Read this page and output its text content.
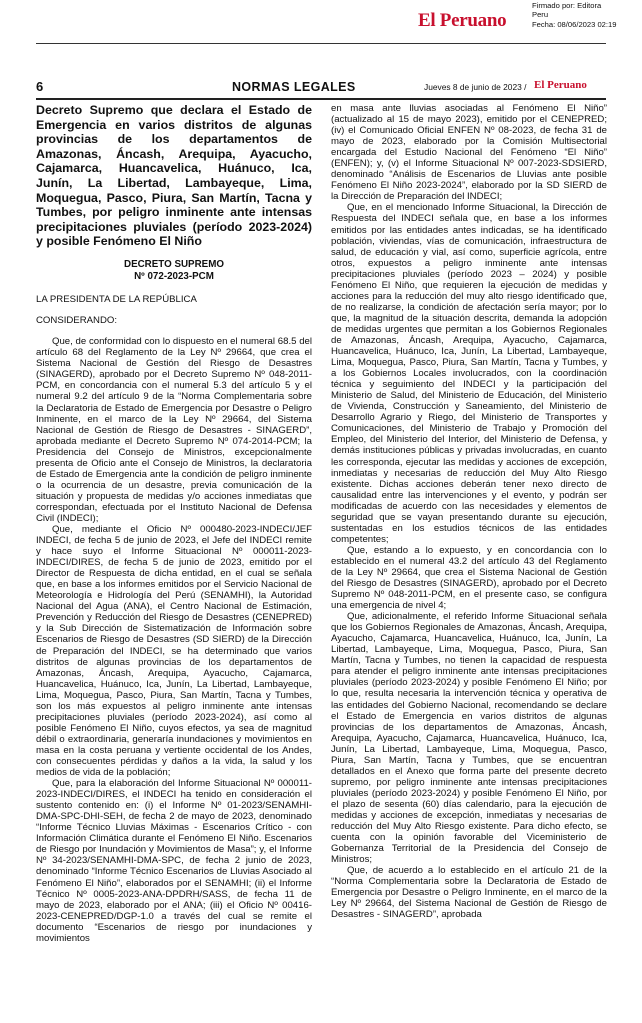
El Peruano
Firmado por: Editora
Peru
Fecha: 08/06/2023 02:19
6	NORMAS LEGALES	Jueves 8 de junio de 2023 / El Peruano
Decreto Supremo que declara el Estado de Emergencia en varios distritos de algunas provincias de los departamentos de Amazonas, Áncash, Arequipa, Ayacucho, Cajamarca, Huancavelica, Huánuco, Ica, Junín, La Libertad, Lambayeque, Lima, Moquegua, Pasco, Piura, San Martín, Tacna y Tumbes, por peligro inminente ante intensas precipitaciones pluviales (período 2023-2024) y posible Fenómeno El Niño
DECRETO SUPREMO
Nº 072-2023-PCM
LA PRESIDENTA DE LA REPÚBLICA
CONSIDERANDO:

Que, de conformidad con lo dispuesto en el numeral 68.5 del artículo 68 del Reglamento de la Ley Nº 29664, que crea el Sistema Nacional de Gestión del Riesgo de Desastres (SINAGERD), aprobado por el Decreto Supremo Nº 048-2011-PCM, en concordancia con el numeral 5.3 del artículo 5 y el numeral 9.2 del artículo 9 de la “Norma Complementaria sobre la Declaratoria de Estado de Emergencia por Desastre o Peligro Inminente, en el marco de la Ley Nº 29664, del Sistema Nacional de Gestión de Riesgo de Desastres - SINAGERD”, aprobada mediante el Decreto Supremo Nº 074-2014-PCM; la Presidencia del Consejo de Ministros, excepcionalmente presenta de Oficio ante el Consejo de Ministros, la declaratoria de Estado de Emergencia ante la condición de peligro inminente o la ocurrencia de un desastre, previa comunicación de la situación y propuesta de medidas y/o acciones inmediatas que correspondan, efectuada por el Instituto Nacional de Defensa Civil (INDECI);

Que, mediante el Oficio Nº 000480-2023-INDECI/JEF INDECI, de fecha 5 de junio de 2023, el Jefe del INDECI remite y hace suyo el Informe Situacional Nº 000011-2023-INDECI/DIRES, de fecha 5 de junio de 2023, emitido por el Director de Respuesta de dicha entidad, en el cual se señala que, en base a los informes emitidos por el Servicio Nacional de Meteorología e Hidrología del Perú (SENAMHI), la Autoridad Nacional del Agua (ANA), el Centro Nacional de Estimación, Prevención y Reducción del Riesgo de Desastres (CENEPRED) y la Sub Dirección de Sistematización de Información sobre Escenarios de Riesgo de Desastres (SD SIERD) de la Dirección de Preparación del INDECI, se ha determinado que varios distritos de algunas provincias de los departamentos de Amazonas, Áncash, Arequipa, Ayacucho, Cajamarca, Huancavelica, Huánuco, Ica, Junín, La Libertad, Lambayeque, Lima, Moquegua, Pasco, Piura, San Martín, Tacna y Tumbes, son los más expuestos al peligro inminente ante intensas precipitaciones pluviales (período 2023-2024), así como al posible Fenómeno El Niño, cuyos efectos, ya sea de magnitud débil o extraordinaria, generaría inundaciones y movimientos en masa en la costa peruana y vertiente occidental de los Andes, con consecuentes pérdidas y daños a la vida, la salud y los medios de vida de la población;

Que, para la elaboración del Informe Situacional Nº 000011-2023-INDECI/DIRES, el INDECI ha tenido en consideración el sustento contenido en: (i) el Informe Nº 01-2023/SENAMHI-DMA-SPC-DHI-SEH, de fecha 2 de mayo de 2023, denominado “Informe Técnico Lluvias Máximas - Escenarios Crítico - con Información Climática durante el Fenómeno El Niño. Escenarios de Riesgo por Inundación y Movimientos de Masa”; y, el Informe Nº 34-2023/SENAMHI-DMA-SPC, de fecha 2 junio de 2023, denominado “Informe Técnico Escenarios de Lluvias Asociado al Fenómeno El Niño”, elaborados por el SENAMHI; (ii) el Informe Técnico Nº 0005-2023-ANA-DPDRH/SASS, de fecha 11 de mayo de 2023, elaborado por el ANA; (iii) el Oficio Nº 00416-2023-CENEPRED/DGP-1.0 a través del cual se remite el documento “Escenarios de riesgo por inundaciones y movimientos

en masa ante lluvias asociadas al Fenómeno El Niño” (actualizado al 15 de mayo 2023), emitido por el CENEPRED; (iv) el Comunicado Oficial ENFEN Nº 08-2023, de fecha 31 de mayo de 2023, elaborado por la Comisión Multisectorial encargada del Estudio Nacional del Fenómeno “El Niño” (ENFEN); y, (v) el Informe Situacional Nº 007-2023-SDSIERD, denominado “Análisis de Escenarios de Lluvias ante posible Fenómeno El Niño 2023-2024”, elaborado por la SD SIERD de la Dirección de Preparación del INDECI;

Que, en el mencionado Informe Situacional, la Dirección de Respuesta del INDECI señala que, en base a los informes emitidos por las entidades antes indicadas, se ha identificado población, viviendas, vías de comunicación, infraestructura de salud, de educación y vial, así como, superficie agrícola, entre otros, expuestos a peligro inminente ante intensas precipitaciones pluviales (período 2023 – 2024) y posible Fenómeno El Niño, que requieren la ejecución de medidas y acciones para la reducción del muy alto riesgo identificado que, de no realizarse, la condición de afectación sería mayor; por lo que, la magnitud de la situación descrita, demanda la adopción de medidas urgentes que permitan a los Gobiernos Regionales de Amazonas, Áncash, Arequipa, Ayacucho, Cajamarca, Huancavelica, Huánuco, Ica, Junín, La Libertad, Lambayeque, Lima, Moquegua, Pasco, Piura, San Martín, Tacna y Tumbes, y a los Gobiernos Locales involucrados, con la coordinación técnica y seguimiento del INDECI y la participación del Ministerio de Salud, del Ministerio de Educación, del Ministerio de Vivienda, Construcción y Saneamiento, del Ministerio de Desarrollo Agrario y Riego, del Ministerio de Transportes y Comunicaciones, del Ministerio de Trabajo y Promoción del Empleo, del Ministerio del Interior, del Ministerio de Defensa, y demás instituciones públicas y privadas involucradas, en cuanto les corresponda, ejecutar las medidas y acciones de excepción, inmediatas y necesarias de reducción del Muy Alto Riesgo existente. Dichas acciones deberán tener nexo directo de causalidad entre las intervenciones y el evento, y podrán ser modificadas de acuerdo con las necesidades y elementos de seguridad que se vayan presentando durante su ejecución, sustentadas en los estudios técnicos de las entidades competentes;

Que, estando a lo expuesto, y en concordancia con lo establecido en el numeral 43.2 del artículo 43 del Reglamento de la Ley Nº 29664, que crea el Sistema Nacional de Gestión del Riesgo de Desastres (SINAGERD), aprobado por el Decreto Supremo Nº 048-2011-PCM, en el presente caso, se configura una emergencia de nivel 4;

Que, adicionalmente, el referido Informe Situacional señala que los Gobiernos Regionales de Amazonas, Áncash, Arequipa, Ayacucho, Cajamarca, Huancavelica, Huánuco, Ica, Junín, La Libertad, Lambayeque, Lima, Moquegua, Pasco, Piura, San Martín, Tacna y Tumbes, no tienen la capacidad de respuesta para atender el peligro inminente ante intensas precipitaciones pluviales (período 2023-2024) y posible Fenómeno El Niño; por lo que, resulta necesaria la intervención técnica y operativa de las entidades del Gobierno Nacional, recomendando se declare el Estado de Emergencia en varios distritos de algunas provincias de los departamentos de Amazonas, Áncash, Arequipa, Ayacucho, Cajamarca, Huancavelica, Huánuco, Ica, Junín, La Libertad, Lambayeque, Lima, Moquegua, Pasco, Piura, San Martín, Tacna y Tumbes, que se encuentran detallados en el Anexo que forma parte del presente decreto supremo, por peligro inminente ante intensas precipitaciones pluviales (período 2023-2024) y posible Fenómeno El Niño, por el plazo de sesenta (60) días calendario, para la ejecución de medidas y acciones de excepción, inmediatas y necesarias de reducción del Muy Alto Riesgo existente. Para dicho efecto, se cuenta con la opinión favorable del Viceministerio de Gobernanza Territorial de la Presidencia del Consejo de Ministros;

Que, de acuerdo a lo establecido en el artículo 21 de la “Norma Complementaria sobre la Declaratoria de Estado de Emergencia por Desastre o Peligro Inminente, en el marco de la Ley Nº 29664, del Sistema Nacional de Gestión de Riesgo de Desastres - SINAGERD”, aprobada
